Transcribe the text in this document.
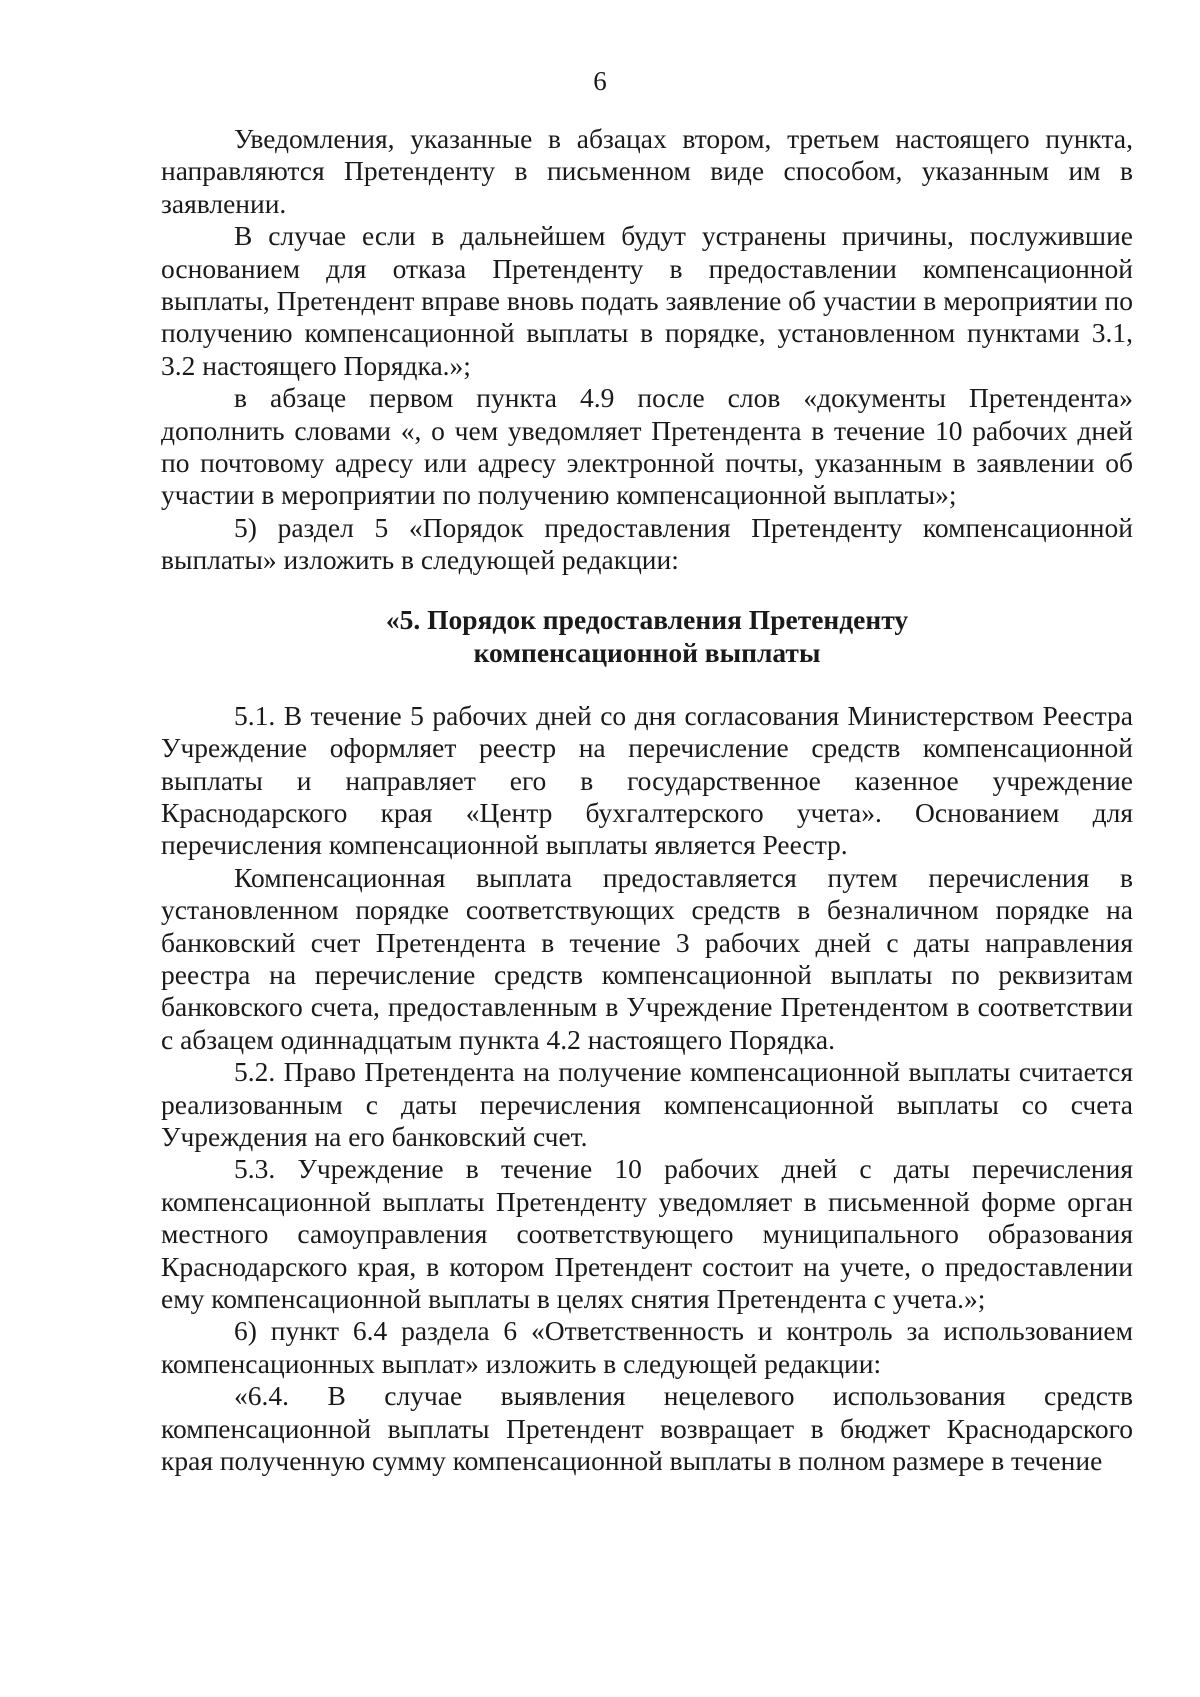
6

Уведомления, указанные в абзацах втором, третьем настоящего пункта, направляются Претенденту в письменном виде способом, указанным им в заявлении.

В случае если в дальнейшем будут устранены причины, послужившие основанием для отказа Претенденту в предоставлении компенсационной выплаты, Претендент вправе вновь подать заявление об участии в мероприятии по получению компенсационной выплаты в порядке, установленном пунктами 3.1, 3.2 настоящего Порядка.»;

в абзаце первом пункта 4.9 после слов «документы Претендента» дополнить словами «, о чем уведомляет Претендента в течение 10 рабочих дней по почтовому адресу или адресу электронной почты, указанным в заявлении об участии в мероприятии по получению компенсационной выплаты»;

5) раздел 5 «Порядок предоставления Претенденту компенсационной выплаты» изложить в следующей редакции:

«5. Порядок предоставления Претенденту
компенсационной выплаты

5.1. В течение 5 рабочих дней со дня согласования Министерством Реестра Учреждение оформляет реестр на перечисление средств компенсационной выплаты и направляет его в государственное казенное учреждение Краснодарского края «Центр бухгалтерского учета». Основанием для перечисления компенсационной выплаты является Реестр.

Компенсационная выплата предоставляется путем перечисления в установленном порядке соответствующих средств в безналичном порядке на банковский счет Претендента в течение 3 рабочих дней с даты направления реестра на перечисление средств компенсационной выплаты по реквизитам банковского счета, предоставленным в Учреждение Претендентом в соответствии с абзацем одиннадцатым пункта 4.2 настоящего Порядка.

5.2. Право Претендента на получение компенсационной выплаты считается реализованным с даты перечисления компенсационной выплаты со счета Учреждения на его банковский счет.

5.3. Учреждение в течение 10 рабочих дней с даты перечисления компенсационной выплаты Претенденту уведомляет в письменной форме орган местного самоуправления соответствующего муниципального образования Краснодарского края, в котором Претендент состоит на учете, о предоставлении ему компенсационной выплаты в целях снятия Претендента с учета.»;

6) пункт 6.4 раздела 6 «Ответственность и контроль за использованием компенсационных выплат» изложить в следующей редакции:

«6.4. В случае выявления нецелевого использования средств компенсационной выплаты Претендент возвращает в бюджет Краснодарского края полученную сумму компенсационной выплаты в полном размере в течение
